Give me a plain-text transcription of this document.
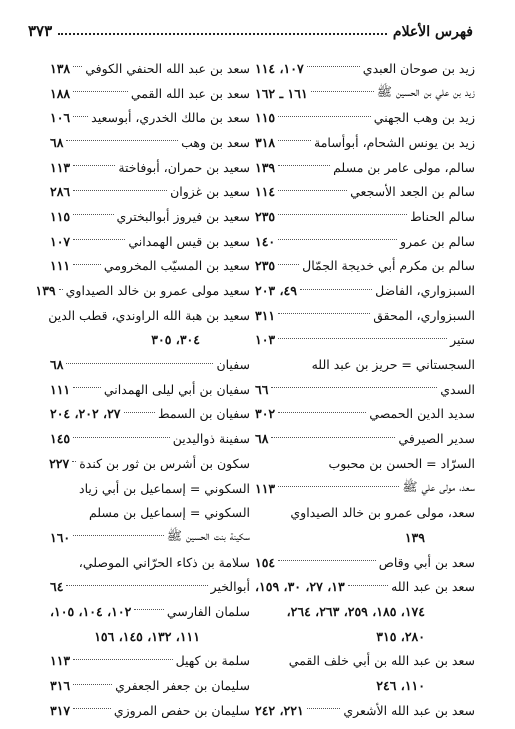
فهرس الأعلام
٣٧٣
زيد بن صوحان العبدي
١٠٧، ١١٤
زيد بن علي بن الحسين ﷺ
١٦١ ـ ١٦٢
زيد بن وهب الجهني
١١٥
زيد بن يونس الشحام، أبوأسامة
٣١٨
سالم، مولى عامر بن مسلم
١٣٩
سالم بن الجعد الأسجعي
١١٤
سالم الحناط
٢٣٥
سالم بن عمرو
١٤٠
سالم بن مكرم أبي خديجة الجمّال
٢٣٥
السبزواري، الفاضل
٤٩، ٢٠٣
السبزواري، المحقق
٣١١
ستير
١٠٣
السجستاني = حريز بن عبد الله
السدي
٦٦
سديد الدين الحمصي
٣٠٢
سدير الصيرفي
٦٨
السرّاد = الحسن بن محبوب
سعد، مولى علي ﷺ
١١٣
سعد، مولى عمرو بن خالد الصيداوي
١٣٩
سعد بن أبي وقاص
١٥٤
سعد بن عبد الله
١٣، ٢٧، ٣٠، ١٥٩،
١٧٤، ١٨٥، ٢٥٩، ٢٦٣، ٢٦٤،
٢٨٠، ٣١٥
سعد بن عبد الله بن أبي خلف القمي
١١٠، ٢٤٦
سعد بن عبد الله الأشعري
٢٢١، ٢٤٢
سعد بن عبد الله الحنفي الكوفي
١٣٨
سعد بن عبد الله القمي
١٨٨
سعد بن مالك الخدري، أبوسعيد
١٠٦
سعد بن وهب
٦٨
سعيد بن حمران، أبوفاختة
١١٣
سعيد بن غزوان
٢٨٦
سعيد بن فيروز أبوالبختري
١١٥
سعيد بن قيس الهمداني
١٠٧
سعيد بن المسيّب المخرومي
١١١
سعيد مولى عمرو بن خالد الصيداوي
١٣٩
سعيد بن هبة الله الراوندي، قطب الدين
٣٠٤، ٣٠٥
سفيان
٦٨
سفيان بن أبي ليلى الهمداني
١١١
سفيان بن السمط
٢٧، ٢٠٢، ٢٠٤
سفينة ذواليدين
١٤٥
سكون بن أشرس بن ثور بن كندة
٢٢٧
السكوني = إسماعيل بن أبي زياد
السكوني = إسماعيل بن مسلم
سكينة بنت الحسين ﷺ
١٦٠
سلامة بن ذكاء الحرّاني الموصلي،
أبوالخير
٦٤
سلمان الفارسي
١٠٢، ١٠٤، ١٠٥،
١١١، ١٣٢، ١٤٥، ١٥٦
سلمة بن كهيل
١١٣
سليمان بن جعفر الجعفري
٣١٦
سليمان بن حفص المروزي
٣١٧
